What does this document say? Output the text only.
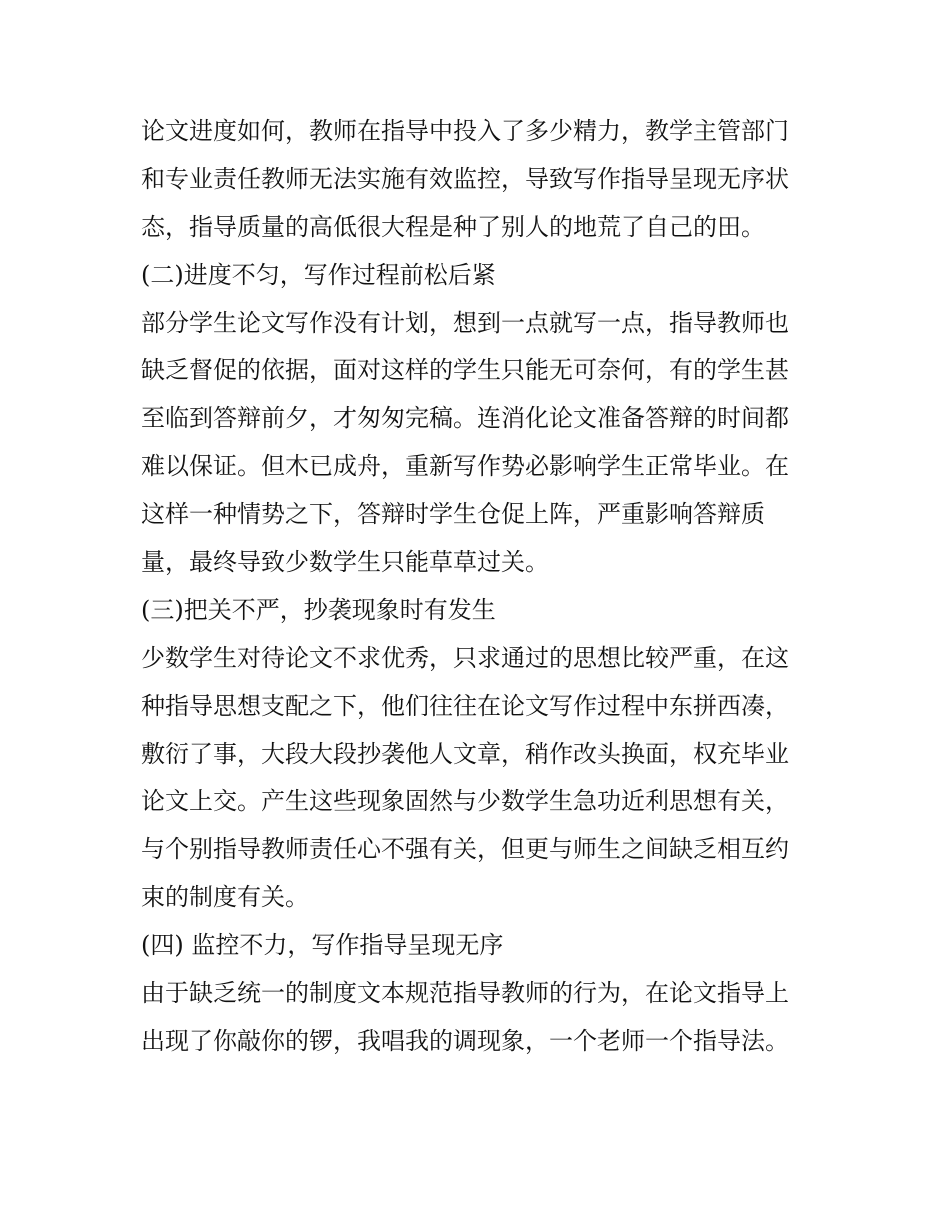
论文进度如何，教师在指导中投入了多少精力，教学主管部门
和专业责任教师无法实施有效监控，导致写作指导呈现无序状
态，指导质量的高低很大程是种了别人的地荒了自己的田。
(二)进度不匀，写作过程前松后紧
部分学生论文写作没有计划，想到一点就写一点，指导教师也
缺乏督促的依据，面对这样的学生只能无可奈何，有的学生甚
至临到答辩前夕，才匆匆完稿。连消化论文准备答辩的时间都
难以保证。但木已成舟，重新写作势必影响学生正常毕业。在
这样一种情势之下，答辩时学生仓促上阵，严重影响答辩质
量，最终导致少数学生只能草草过关。
(三)把关不严，抄袭现象时有发生
少数学生对待论文不求优秀，只求通过的思想比较严重，在这
种指导思想支配之下，他们往往在论文写作过程中东拼西凑，
敷衍了事，大段大段抄袭他人文章，稍作改头换面，权充毕业
论文上交。产生这些现象固然与少数学生急功近利思想有关，
与个别指导教师责任心不强有关，但更与师生之间缺乏相互约
束的制度有关。
(四) 监控不力，写作指导呈现无序
由于缺乏统一的制度文本规范指导教师的行为，在论文指导上
出现了你敲你的锣，我唱我的调现象，一个老师一个指导法。
